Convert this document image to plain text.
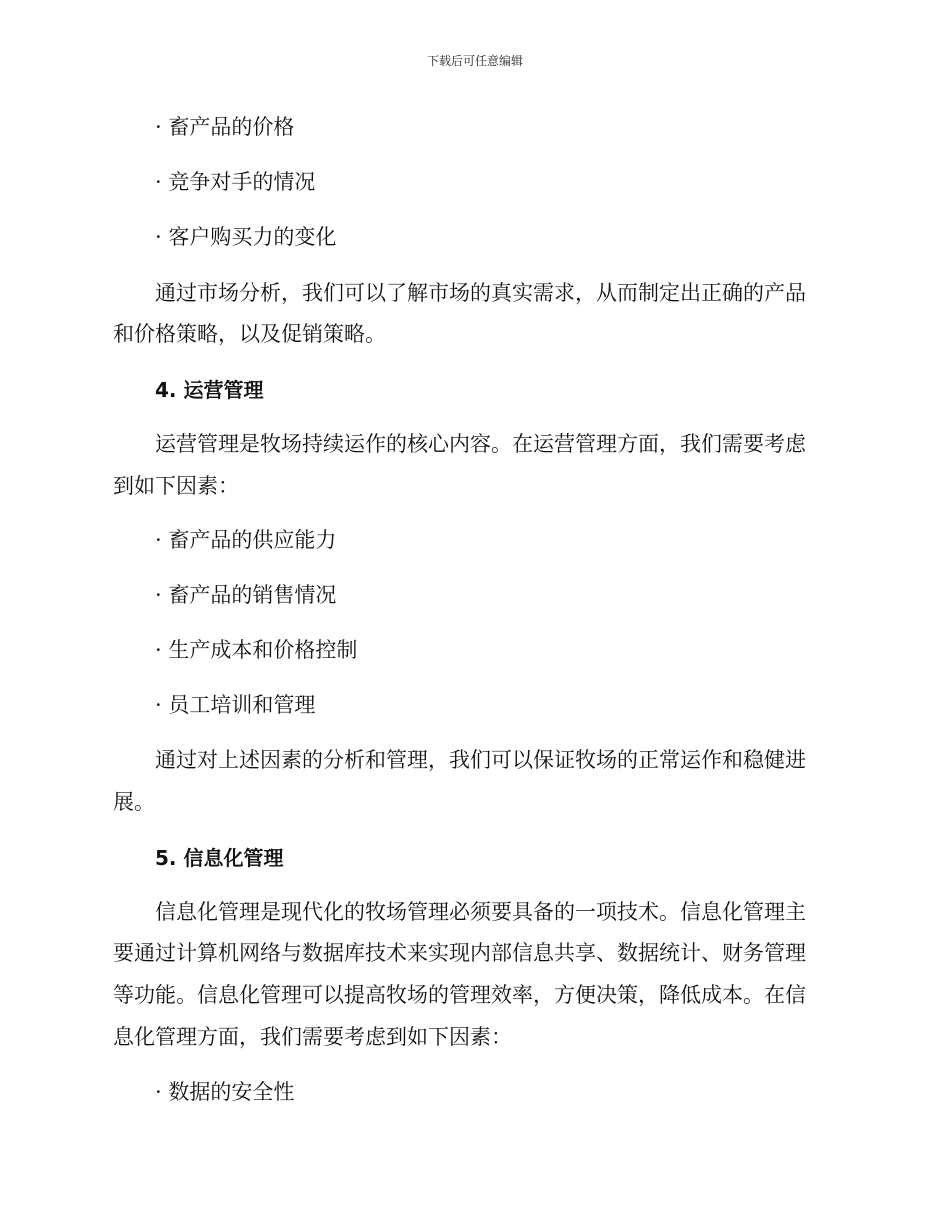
下载后可任意编辑
· 畜产品的价格
· 竞争对手的情况
· 客户购买力的变化
通过市场分析，我们可以了解市场的真实需求，从而制定出正确的产品
和价格策略，以及促销策略。
4. 运营管理
运营管理是牧场持续运作的核心内容。在运营管理方面，我们需要考虑
到如下因素：
· 畜产品的供应能力
· 畜产品的销售情况
· 生产成本和价格控制
· 员工培训和管理
通过对上述因素的分析和管理，我们可以保证牧场的正常运作和稳健进
展。
5. 信息化管理
信息化管理是现代化的牧场管理必须要具备的一项技术。信息化管理主
要通过计算机网络与数据库技术来实现内部信息共享、数据统计、财务管理
等功能。信息化管理可以提高牧场的管理效率，方便决策，降低成本。在信
息化管理方面，我们需要考虑到如下因素：
· 数据的安全性
